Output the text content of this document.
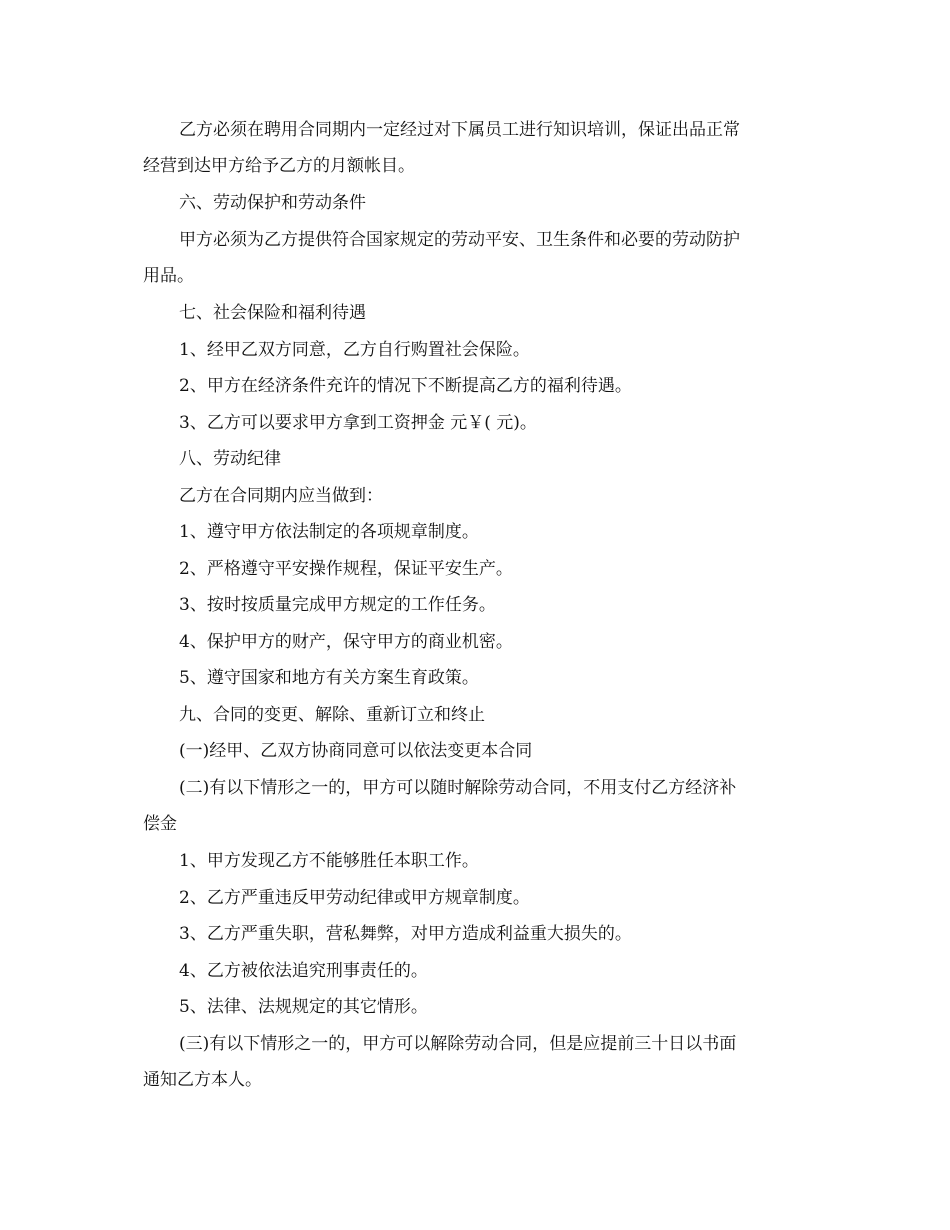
乙方必须在聘用合同期内一定经过对下属员工进行知识培训，保证出品正常
经营到达甲方给予乙方的月额帐目。
六、劳动保护和劳动条件
甲方必须为乙方提供符合国家规定的劳动平安、卫生条件和必要的劳动防护
用品。
七、社会保险和福利待遇
1、经甲乙双方同意，乙方自行购置社会保险。
2、甲方在经济条件充许的情况下不断提高乙方的福利待遇。
3、乙方可以要求甲方拿到工资押金 元￥( 元)。
八、劳动纪律
乙方在合同期内应当做到：
1、遵守甲方依法制定的各项规章制度。
2、严格遵守平安操作规程，保证平安生产。
3、按时按质量完成甲方规定的工作任务。
4、保护甲方的财产，保守甲方的商业机密。
5、遵守国家和地方有关方案生育政策。
九、合同的变更、解除、重新订立和终止
(一)经甲、乙双方协商同意可以依法变更本合同
(二)有以下情形之一的，甲方可以随时解除劳动合同，不用支付乙方经济补
偿金
1、甲方发现乙方不能够胜任本职工作。
2、乙方严重违反甲劳动纪律或甲方规章制度。
3、乙方严重失职，营私舞弊，对甲方造成利益重大损失的。
4、乙方被依法追究刑事责任的。
5、法律、法规规定的其它情形。
(三)有以下情形之一的，甲方可以解除劳动合同，但是应提前三十日以书面
通知乙方本人。
